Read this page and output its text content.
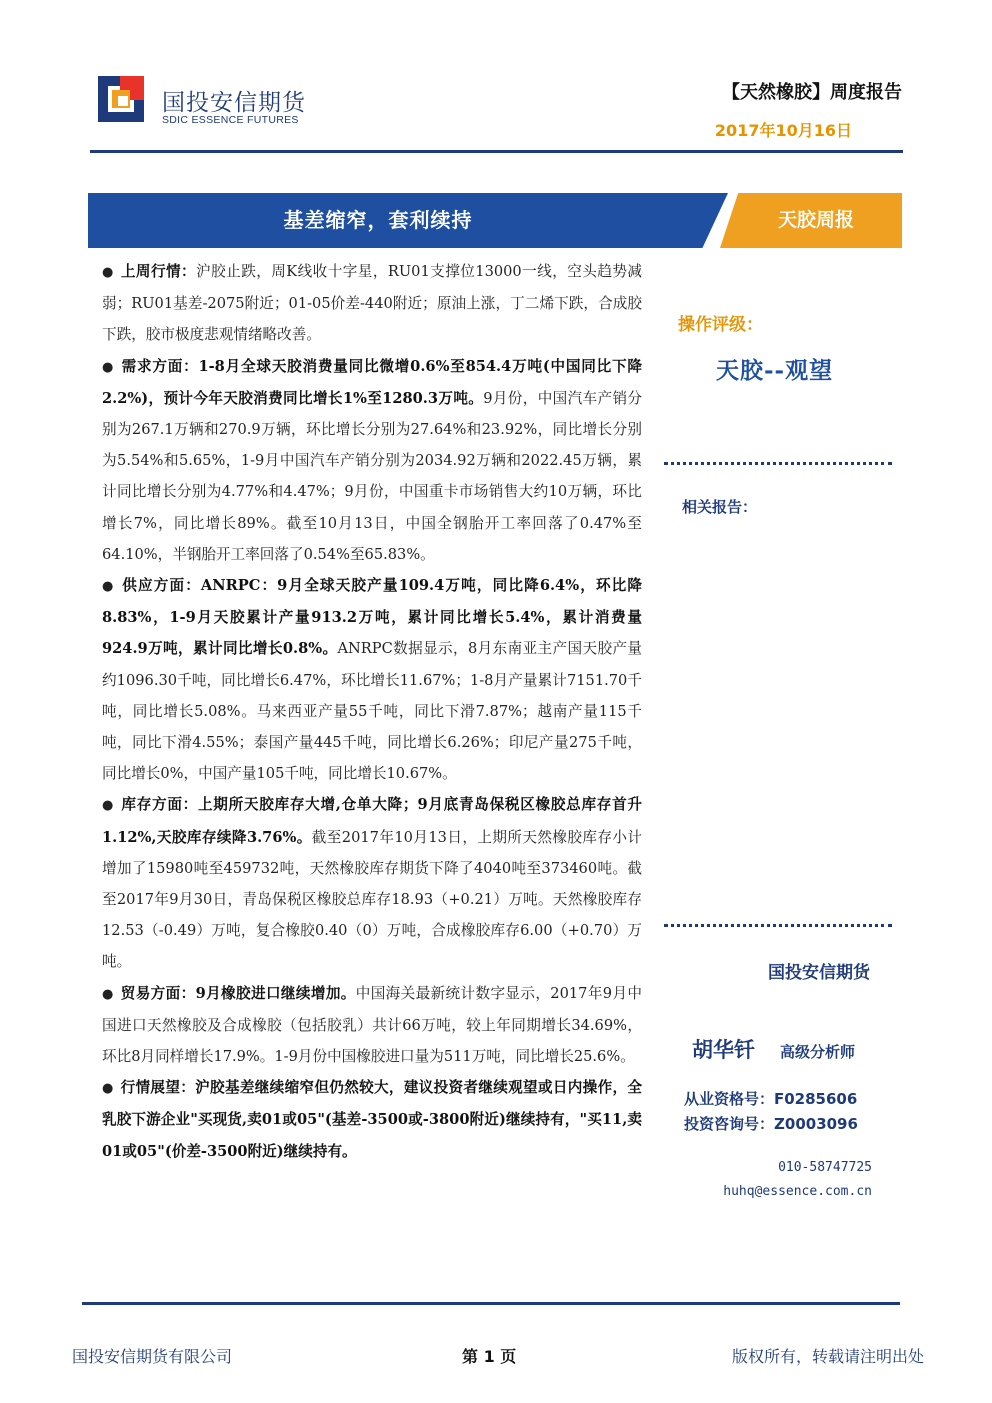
国投安信期货
SDIC ESSENCE FUTURES
【天然橡胶】周度报告
2017年10月16日
基差缩窄，套利续持	天胶周报

● 上周行情：沪胶止跌，周K线收十字星，RU01支撑位13000一线，空头趋势减弱；RU01基差-2075附近；01-05价差-440附近；原油上涨，丁二烯下跌，合成胶下跌，胶市极度悲观情绪略改善。

● 需求方面：1-8月全球天胶消费量同比微增0.6%至854.4万吨(中国同比下降2.2%)，预计今年天胶消费同比增长1%至1280.3万吨。9月份，中国汽车产销分别为267.1万辆和270.9万辆，环比增长分别为27.64%和23.92%，同比增长分别为5.54%和5.65%，1-9月中国汽车产销分别为2034.92万辆和2022.45万辆，累计同比增长分别为4.77%和4.47%；9月份，中国重卡市场销售大约10万辆，环比增长7%，同比增长89%。截至10月13日，中国全钢胎开工率回落了0.47%至64.10%，半钢胎开工率回落了0.54%至65.83%。

● 供应方面：ANRPC：9月全球天胶产量109.4万吨，同比降6.4%，环比降8.83%，1-9月天胶累计产量913.2万吨，累计同比增长5.4%，累计消费量924.9万吨，累计同比增长0.8%。ANRPC数据显示，8月东南亚主产国天胶产量约1096.30千吨，同比增长6.47%，环比增长11.67%；1-8月产量累计7151.70千吨，同比增长5.08%。马来西亚产量55千吨，同比下滑7.87%；越南产量115千吨，同比下滑4.55%；泰国产量445千吨，同比增长6.26%；印尼产量275千吨，同比增长0%，中国产量105千吨，同比增长10.67%。

● 库存方面：上期所天胶库存大增,仓单大降；9月底青岛保税区橡胶总库存首升1.12%,天胶库存续降3.76%。截至2017年10月13日，上期所天然橡胶库存小计增加了15980吨至459732吨，天然橡胶库存期货下降了4040吨至373460吨。截至2017年9月30日，青岛保税区橡胶总库存18.93（+0.21）万吨。天然橡胶库存12.53（-0.49）万吨，复合橡胶0.40（0）万吨，合成橡胶库存6.00（+0.70）万吨。

● 贸易方面：9月橡胶进口继续增加。中国海关最新统计数字显示，2017年9月中国进口天然橡胶及合成橡胶（包括胶乳）共计66万吨，较上年同期增长34.69%，环比8月同样增长17.9%。1-9月份中国橡胶进口量为511万吨，同比增长25.6%。

● 行情展望：沪胶基差继续缩窄但仍然较大，建议投资者继续观望或日内操作，全乳胶下游企业"买现货,卖01或05"(基差-3500或-3800附近)继续持有，"买11,卖01或05"(价差-3500附近)继续持有。

操作评级：
天胶--观望
相关报告：
国投安信期货
胡华钎 高级分析师
从业资格号：F0285606
投资咨询号：Z0003096
010-58747725
huhq@essence.com.cn
国投安信期货有限公司	第 1 页	版权所有，转载请注明出处
